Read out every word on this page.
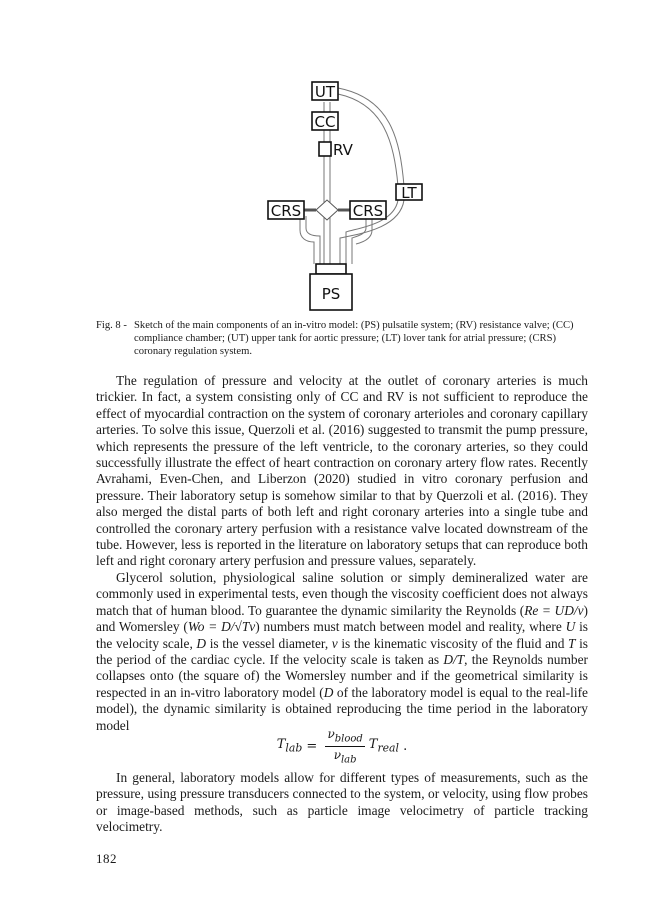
UT
CC
RV
LT
CRS	CRS
PS
Fig. 8 - Sketch of the main components of an in-vitro model: (PS) pulsatile system; (RV) resistance valve; (CC) compliance chamber; (UT) upper tank for aortic pressure; (LT) lover tank for atrial pressure; (CRS) coronary regulation system.

The regulation of pressure and velocity at the outlet of coronary arteries is much trickier. In fact, a system consisting only of CC and RV is not sufficient to reproduce the effect of myocardial contraction on the system of coronary arterioles and coronary capillary arteries. To solve this issue, Querzoli et al. (2016) suggested to transmit the pump pressure, which represents the pressure of the left ventricle, to the coronary arteries, so they could successfully illustrate the effect of heart contraction on coronary artery flow rates. Recently Avrahami, Even-Chen, and Liberzon (2020) studied in vitro coronary perfusion and pressure. Their laboratory setup is somehow similar to that by Querzoli et al. (2016). They also merged the distal parts of both left and right coronary arteries into a single tube and controlled the coronary artery perfusion with a resistance valve located downstream of the tube. However, less is reported in the literature on laboratory setups that can reproduce both left and right coronary artery perfusion and pressure values, separately.

Glycerol solution, physiological saline solution or simply demineralized water are commonly used in experimental tests, even though the viscosity coefficient does not always match that of human blood. To guarantee the dynamic similarity the Reynolds (Re = UD/ν) and Womersley (Wo = D/√Tν) numbers must match between model and reality, where U is the velocity scale, D is the vessel diameter, ν is the kinematic viscosity of the fluid and T is the period of the cardiac cycle. If the velocity scale is taken as D/T, the Reynolds number collapses onto (the square of) the Womersley number and if the geometrical similarity is respected in an in-vitro laboratory model (D of the laboratory model is equal to the real-life model), the dynamic similarity is obtained reproducing the time period in the laboratory model

$T_{lab} = \frac{\nu_{blood}}{\nu_{lab}} T_{real}$ .

In general, laboratory models allow for different types of measurements, such as the pressure, using pressure transducers connected to the system, or velocity, using flow probes or image-based methods, such as particle image velocimetry of particle tracking velocimetry.

182
